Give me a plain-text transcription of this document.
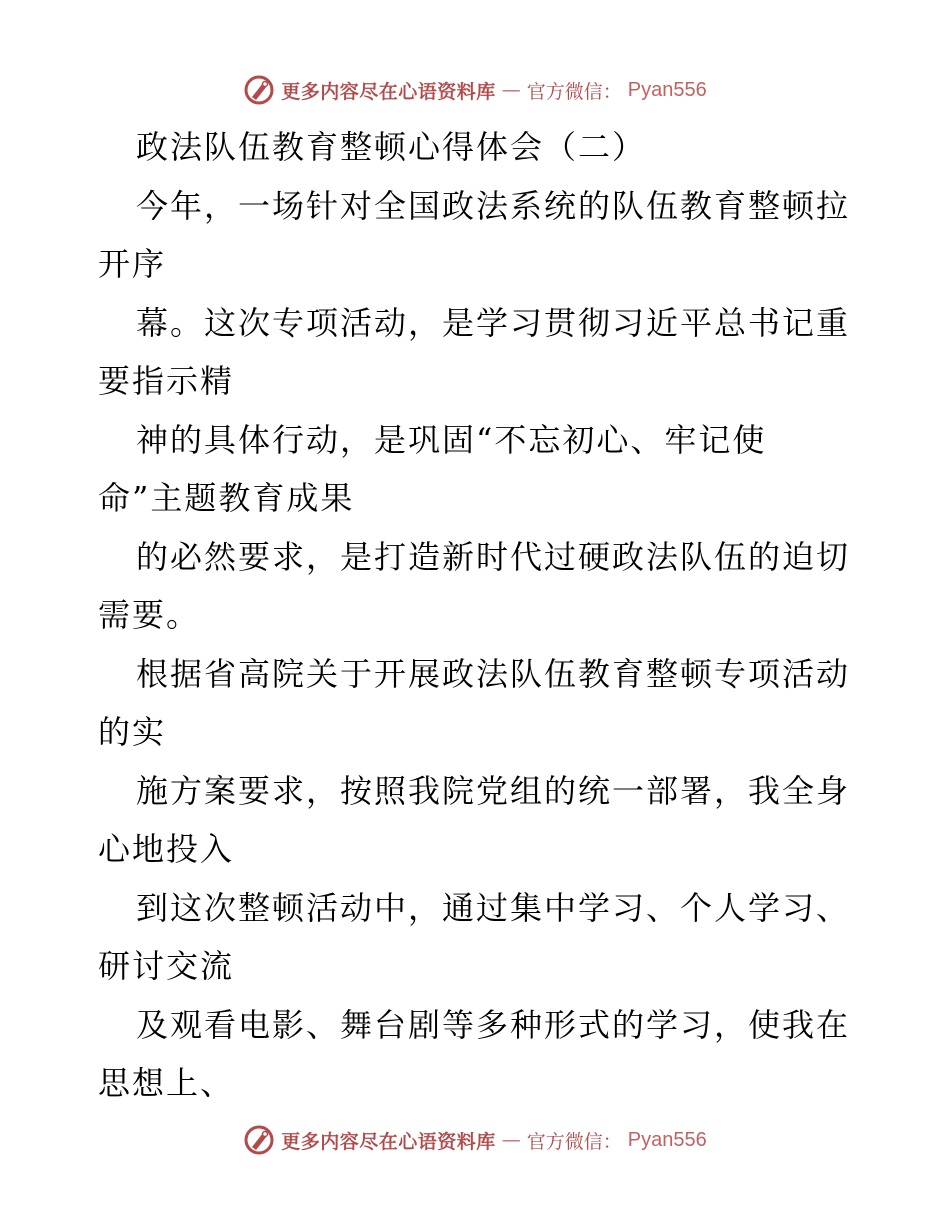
更多内容尽在心语资料库 — 官方微信： Pyan556
政法队伍教育整顿心得体会（二）
今年，一场针对全国政法系统的队伍教育整顿拉
开序
幕。这次专项活动，是学习贯彻习近平总书记重
要指示精
神的具体行动，是巩固“不忘初心、牢记使
命”主题教育成果
的必然要求，是打造新时代过硬政法队伍的迫切
需要。
根据省高院关于开展政法队伍教育整顿专项活动
的实
施方案要求，按照我院党组的统一部署，我全身
心地投入
到这次整顿活动中，通过集中学习、个人学习、
研讨交流
及观看电影、舞台剧等多种形式的学习，使我在
思想上、
更多内容尽在心语资料库 — 官方微信： Pyan556
